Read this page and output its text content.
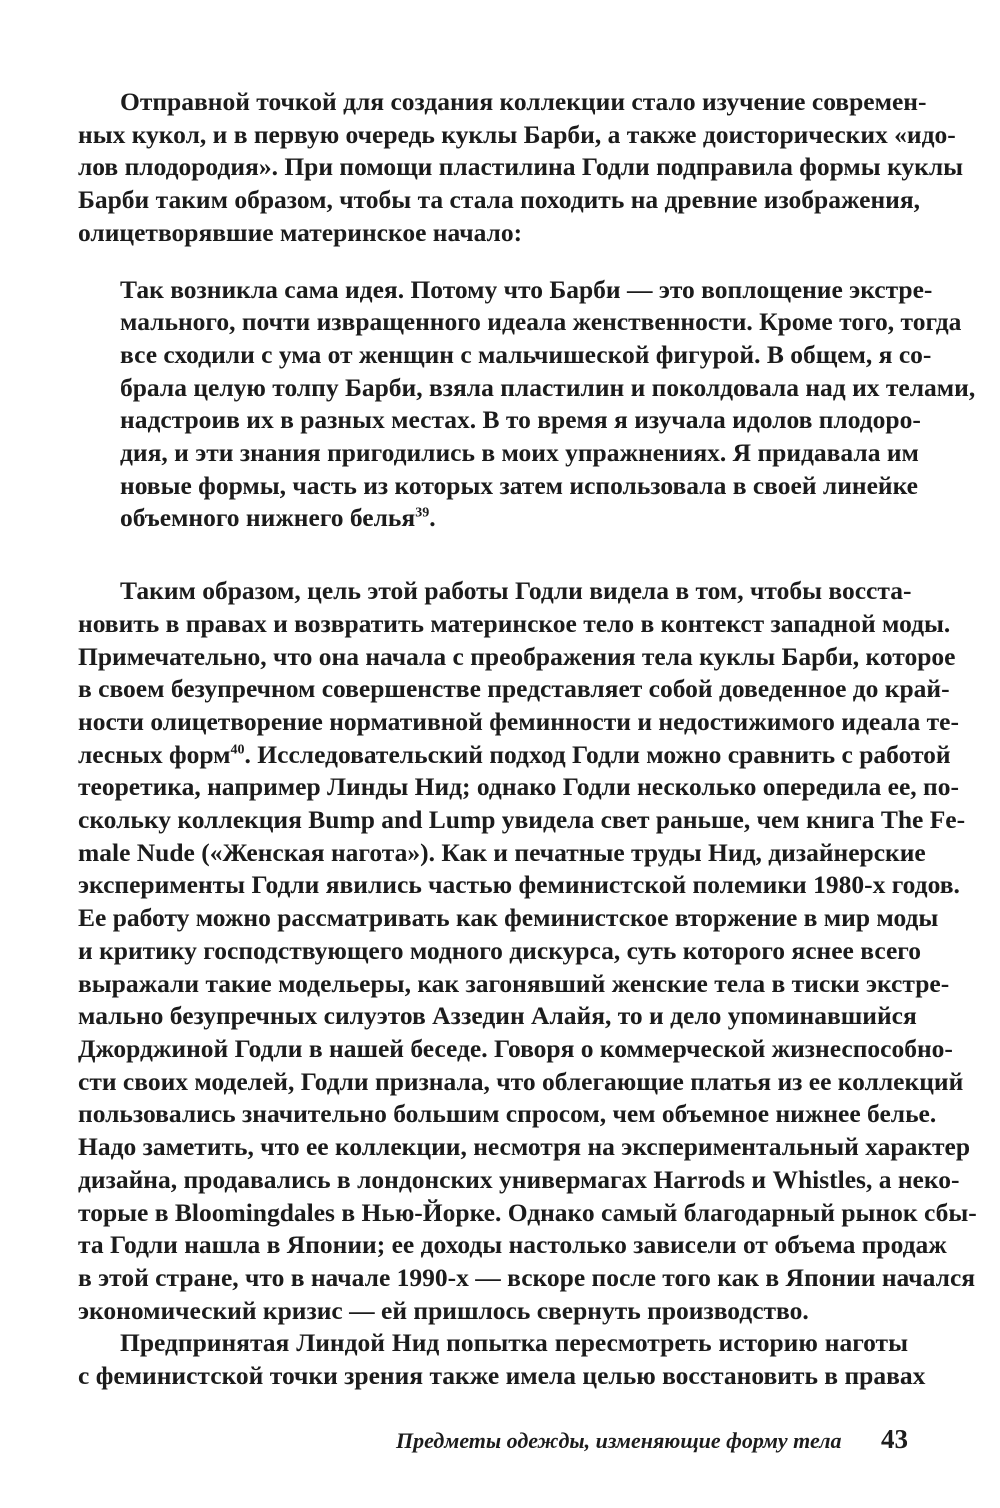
Отправной точкой для создания коллекции стало изучение современ-
ных кукол, и в первую очередь куклы Барби, а также доисторических «идо-
лов плодородия». При помощи пластилина Годли подправила формы куклы
Барби таким образом, чтобы та стала походить на древние изображения,
олицетворявшие материнское начало:

Так возникла сама идея. Потому что Барби — это воплощение экстре-
мального, почти извращенного идеала женственности. Кроме того, тогда
все сходили с ума от женщин с мальчишеской фигурой. В общем, я со-
брала целую толпу Барби, взяла пластилин и поколдовала над их телами,
надстроив их в разных местах. В то время я изучала идолов плодоро-
дия, и эти знания пригодились в моих упражнениях. Я придавала им
новые формы, часть из которых затем использовала в своей линейке
объемного нижнего белья$^{39}$.

Таким образом, цель этой работы Годли видела в том, чтобы восста-
новить в правах и возвратить материнское тело в контекст западной моды.
Примечательно, что она начала с преображения тела куклы Барби, которое
в своем безупречном совершенстве представляет собой доведенное до край-
ности олицетворение нормативной феминности и недостижимого идеала те-
лесных форм$^{40}$. Исследовательский подход Годли можно сравнить с работой
теоретика, например Линды Нид; однако Годли несколько опередила ее, по-
скольку коллекция Bump and Lump увидела свет раньше, чем книга The Fe-
male Nude («Женская нагота»). Как и печатные труды Нид, дизайнерские
эксперименты Годли явились частью феминистской полемики 1980-х годов.
Ее работу можно рассматривать как феминистское вторжение в мир моды
и критику господствующего модного дискурса, суть которого яснее всего
выражали такие модельеры, как загонявший женские тела в тиски экстре-
мально безупречных силуэтов Аззедин Алайя, то и дело упоминавшийся
Джорджиной Годли в нашей беседе. Говоря о коммерческой жизнеспособно-
сти своих моделей, Годли признала, что облегающие платья из ее коллекций
пользовались значительно большим спросом, чем объемное нижнее белье.
Надо заметить, что ее коллекции, несмотря на экспериментальный характер
дизайна, продавались в лондонских универмагах Harrods и Whistles, а неко-
торые в Bloomingdales в Нью-Йорке. Однако самый благодарный рынок сбы-
та Годли нашла в Японии; ее доходы настолько зависели от объема продаж
в этой стране, что в начале 1990-х — вскоре после того как в Японии начался
экономический кризис — ей пришлось свернуть производство.

Предпринятая Линдой Нид попытка пересмотреть историю наготы
с феминистской точки зрения также имела целью восстановить в правах

Предметы одежды, изменяющие форму тела 43
